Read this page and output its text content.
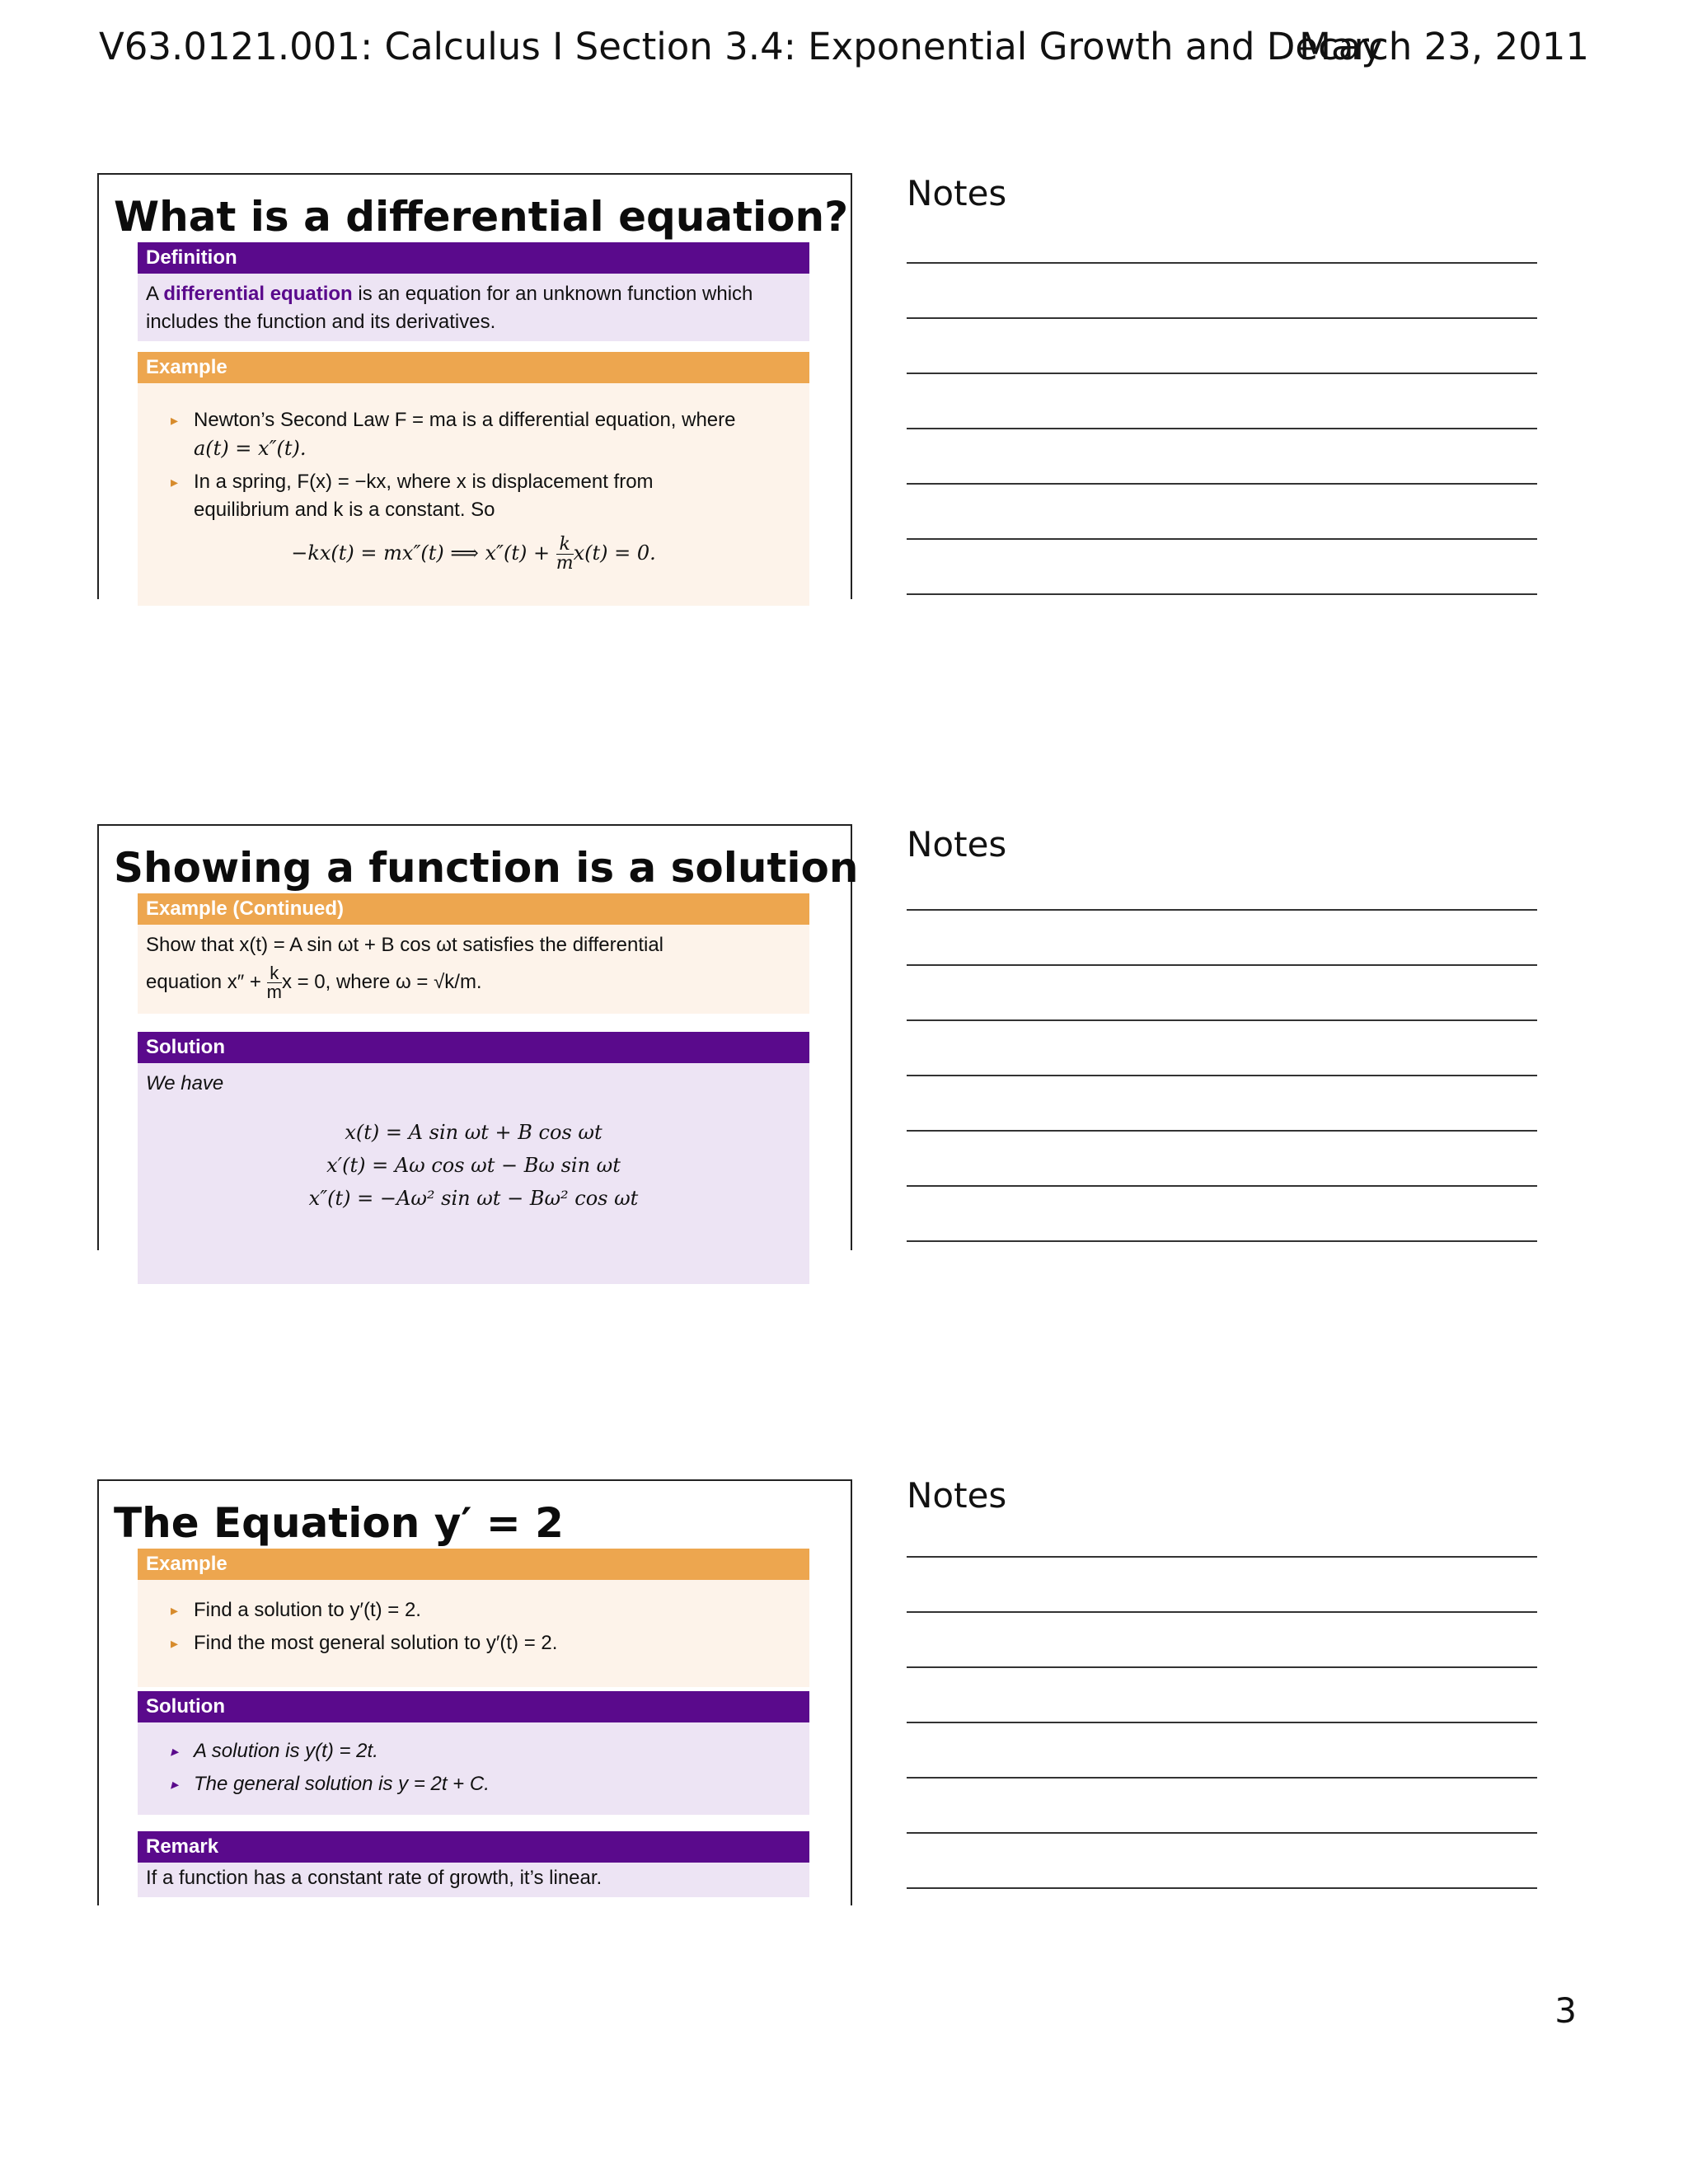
V63.0121.001: Calculus I Section 3.4: Exponential Growth and Decay
March 23, 2011
What is a differential equation?
Definition
A differential equation is an equation for an unknown function which includes the function and its derivatives.
Example
▸ Newton’s Second Law F = ma is a differential equation, where
a(t) = x″(t).
▸ In a spring, F(x) = −kx, where x is displacement from
equilibrium and k is a constant. So
−kx(t) = mx″(t) ⟹ $x''(t) + \frac{k}{m} x(t) = 0$.
Showing a function is a solution
Example (Continued)
Show that x(t) = A sin ωt + B cos ωt satisfies the differential
equation $x'' + \frac{k}{m}$ x = 0, where ω = √k/m.
Solution
We have
x(t) = A sin ωt + B cos ωt
x′(t) = Aω cos ωt − Bω sin ωt
x″(t) = −Aω² sin ωt − Bω² cos ωt
The Equation y′ = 2
Example
▸ Find a solution to y′(t) = 2.
▸ Find the most general solution to y′(t) = 2.
Solution
▸ A solution is y(t) = 2t.
▸ The general solution is y = 2t + C.
Remark
If a function has a constant rate of growth, it’s linear.
Notes
Notes
Notes
3
